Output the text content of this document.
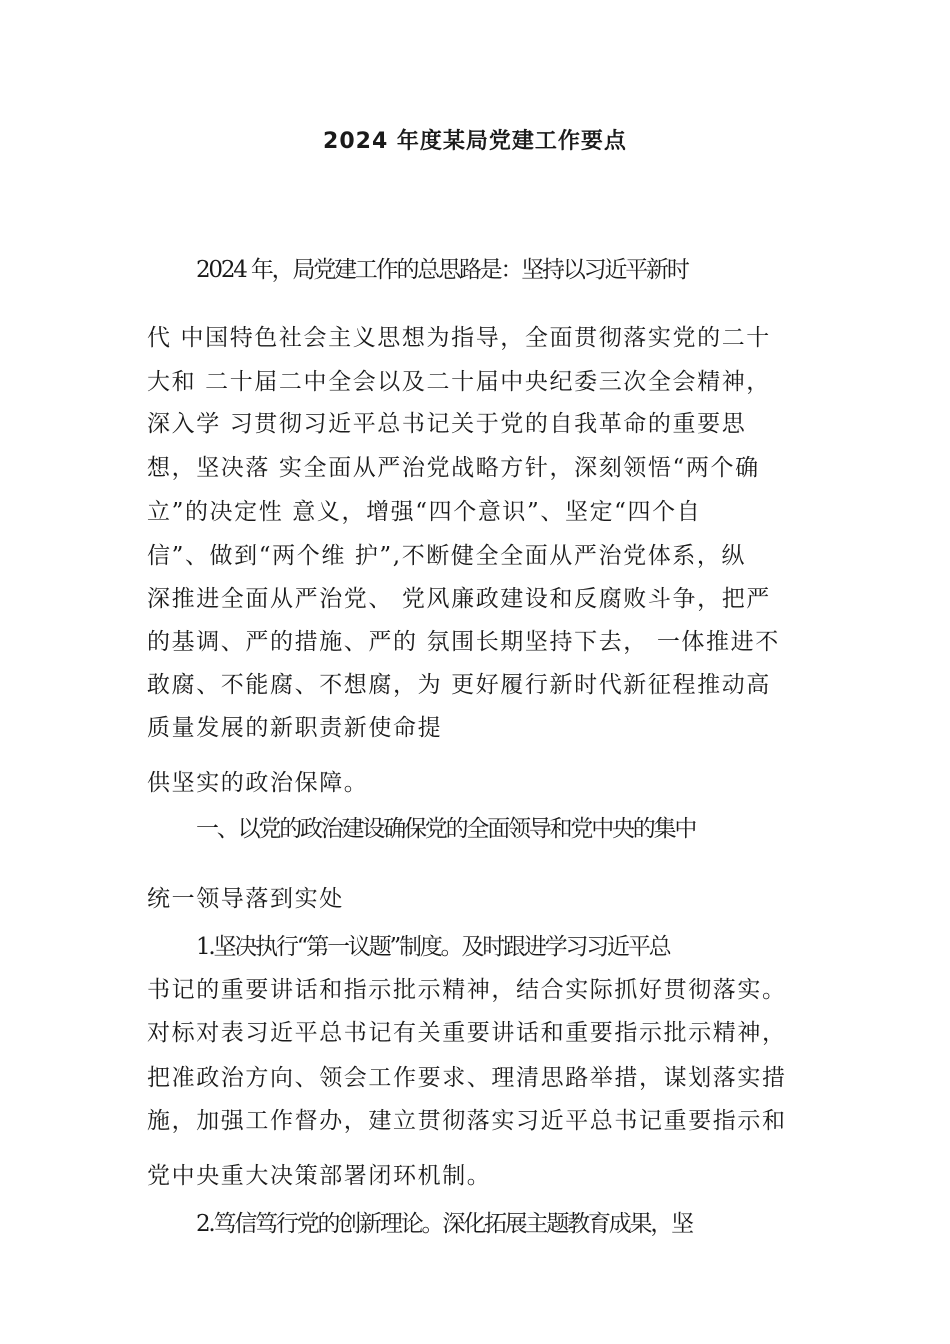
2024 年度某局党建工作要点

2024 年，局党建工作的总思路是：坚持以习近平新时

代 中国特色社会主义思想为指导，全面贯彻落实党的二十

大和 二十届二中全会以及二十届中央纪委三次全会精神，

深入学 习贯彻习近平总书记关于党的自我革命的重要思

想，坚决落 实全面从严治党战略方针，深刻领悟“两个确

立”的决定性 意义，增强“四个意识”、坚定“四个自

信”、做到“两个维 护”,不断健全全面从严治党体系，纵

深推进全面从严治党、 党风廉政建设和反腐败斗争，把严

的基调、严的措施、严的 氛围长期坚持下去， 一体推进不

敢腐、不能腐、不想腐，为 更好履行新时代新征程推动高

质量发展的新职责新使命提

供坚实的政治保障。

一、以党的政治建设确保党的全面领导和党中央的集中

统一领导落到实处

1.坚决执行“第一议题”制度。及时跟进学习习近平总

书记的重要讲话和指示批示精神，结合实际抓好贯彻落实。

对标对表习近平总书记有关重要讲话和重要指示批示精神，

把准政治方向、领会工作要求、理清思路举措，谋划落实措

施，加强工作督办，建立贯彻落实习近平总书记重要指示和

党中央重大决策部署闭环机制。

2.笃信笃行党的创新理论。深化拓展主题教育成果，坚
